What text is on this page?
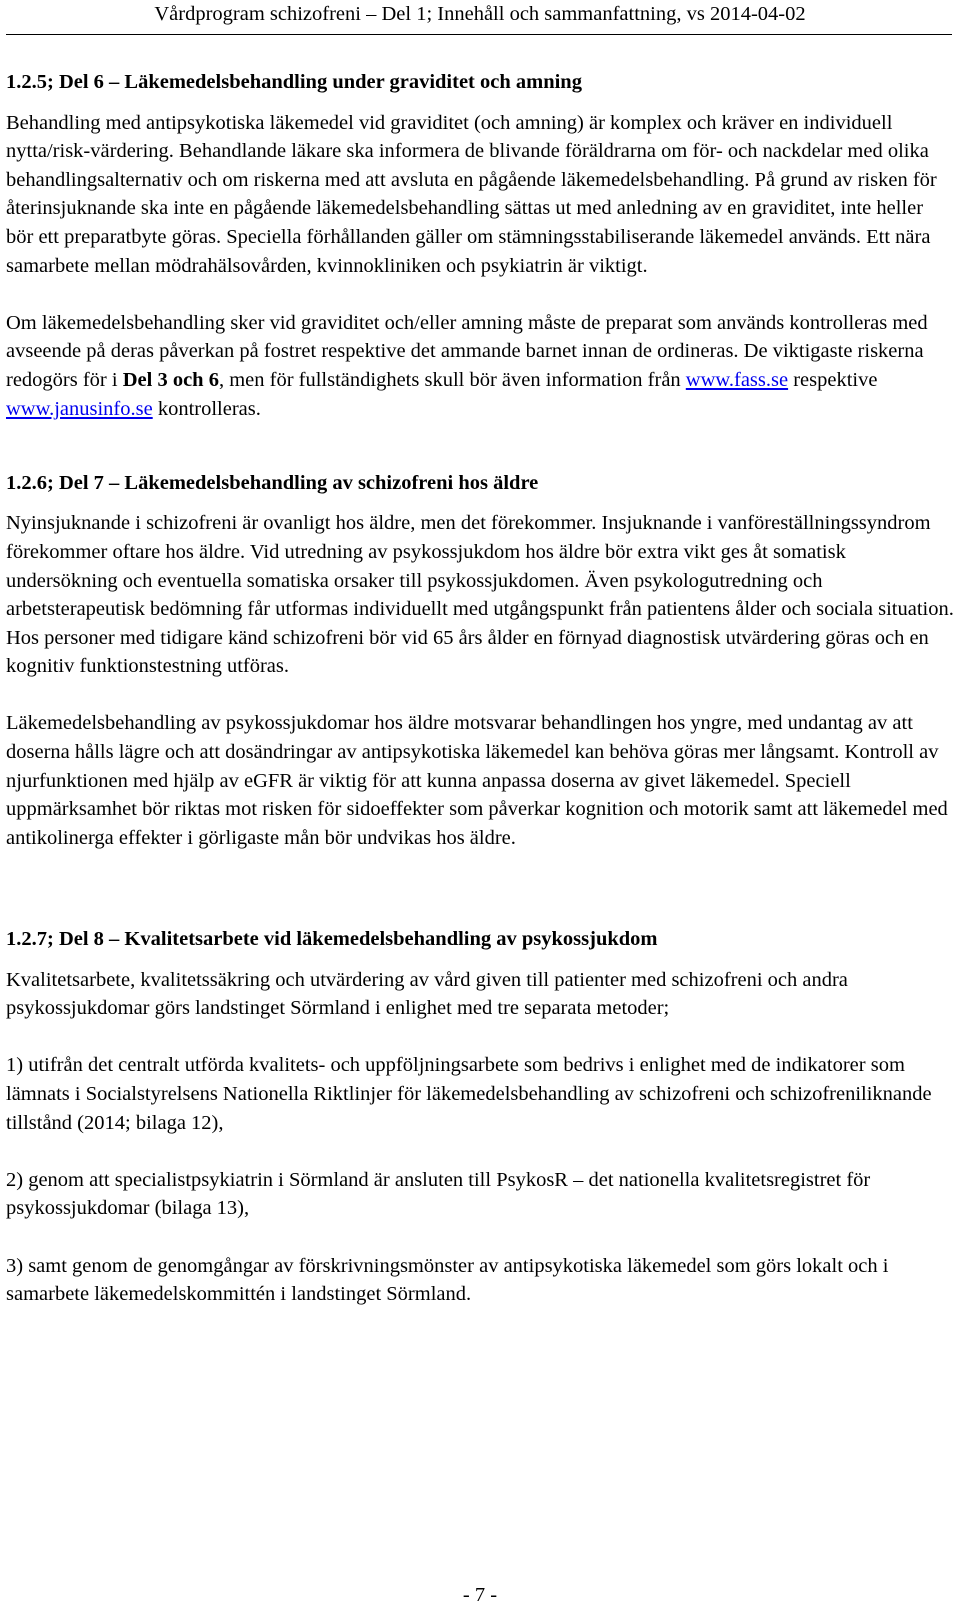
Vårdprogram schizofreni – Del 1; Innehåll och sammanfattning, vs 2014-04-02
1.2.5; Del 6 – Läkemedelsbehandling under graviditet och amning

Behandling med antipsykotiska läkemedel vid graviditet (och amning) är komplex och kräver en individuell nytta/risk-värdering. Behandlande läkare ska informera de blivande föräldrarna om för- och nackdelar med olika behandlingsalternativ och om riskerna med att avsluta en pågående läkemedelsbehandling. På grund av risken för återinsjuknande ska inte en pågående läkemedelsbehandling sättas ut med anledning av en graviditet, inte heller bör ett preparatbyte göras. Speciella förhållanden gäller om stämningsstabiliserande läkemedel används. Ett nära samarbete mellan mödrahälsovården, kvinnokliniken och psykiatrin är viktigt.

Om läkemedelsbehandling sker vid graviditet och/eller amning måste de preparat som används kontrolleras med avseende på deras påverkan på fostret respektive det ammande barnet innan de ordineras. De viktigaste riskerna redogörs för i Del 3 och 6, men för fullständighets skull bör även information från www.fass.se respektive www.janusinfo.se kontrolleras.

1.2.6; Del 7 – Läkemedelsbehandling av schizofreni hos äldre

Nyinsjuknande i schizofreni är ovanligt hos äldre, men det förekommer. Insjuknande i vanföreställningssyndrom förekommer oftare hos äldre. Vid utredning av psykossjukdom hos äldre bör extra vikt ges åt somatisk undersökning och eventuella somatiska orsaker till psykossjukdomen. Även psykologutredning och arbetsterapeutisk bedömning får utformas individuellt med utgångspunkt från patientens ålder och sociala situation. Hos personer med tidigare känd schizofreni bör vid 65 års ålder en förnyad diagnostisk utvärdering göras och en kognitiv funktionstestning utföras.

Läkemedelsbehandling av psykossjukdomar hos äldre motsvarar behandlingen hos yngre, med undantag av att doserna hålls lägre och att dosändringar av antipsykotiska läkemedel kan behöva göras mer långsamt. Kontroll av njurfunktionen med hjälp av eGFR är viktig för att kunna anpassa doserna av givet läkemedel. Speciell uppmärksamhet bör riktas mot risken för sidoeffekter som påverkar kognition och motorik samt att läkemedel med antikolinerga effekter i görligaste mån bör undvikas hos äldre.

1.2.7; Del 8 – Kvalitetsarbete vid läkemedelsbehandling av psykossjukdom

Kvalitetsarbete, kvalitetssäkring och utvärdering av vård given till patienter med schizofreni och andra psykossjukdomar görs landstinget Sörmland i enlighet med tre separata metoder;

1) utifrån det centralt utförda kvalitets- och uppföljningsarbete som bedrivs i enlighet med de indikatorer som lämnats i Socialstyrelsens Nationella Riktlinjer för läkemedelsbehandling av schizofreni och schizofreniliknande tillstånd (2014; bilaga 12),

2) genom att specialistpsykiatrin i Sörmland är ansluten till PsykosR – det nationella kvalitetsregistret för psykossjukdomar (bilaga 13),

3) samt genom de genomgångar av förskrivningsmönster av antipsykotiska läkemedel som görs lokalt och i samarbete läkemedelskommittén i landstinget Sörmland.

- 7 -
